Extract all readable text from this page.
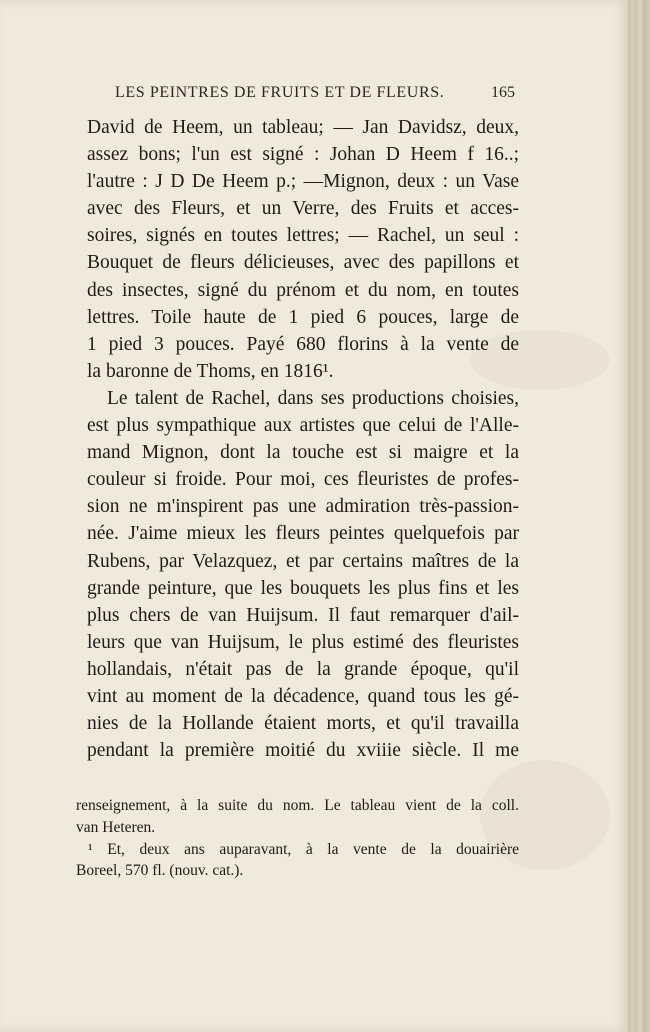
LES PEINTRES DE FRUITS ET DE FLEURS.	165
David de Heem, un tableau; — Jan Davidsz, deux,
assez bons; l'un est signé : Johan D Heem f 16..;
l'autre : J D De Heem p.; —Mignon, deux : un Vase
avec des Fleurs, et un Verre, des Fruits et acces-
soires, signés en toutes lettres; — Rachel, un seul :
Bouquet de fleurs délicieuses, avec des papillons et
des insectes, signé du prénom et du nom, en toutes
lettres. Toile haute de 1 pied 6 pouces, large de
1 pied 3 pouces. Payé 680 florins à la vente de
la baronne de Thoms, en 1816¹.
Le talent de Rachel, dans ses productions choisies,
est plus sympathique aux artistes que celui de l'Alle-
mand Mignon, dont la touche est si maigre et la
couleur si froide. Pour moi, ces fleuristes de profes-
sion ne m'inspirent pas une admiration très-passion-
née. J'aime mieux les fleurs peintes quelquefois par
Rubens, par Velazquez, et par certains maîtres de la
grande peinture, que les bouquets les plus fins et les
plus chers de van Huijsum. Il faut remarquer d'ail-
leurs que van Huijsum, le plus estimé des fleuristes
hollandais, n'était pas de la grande époque, qu'il
vint au moment de la décadence, quand tous les gé-
nies de la Hollande étaient morts, et qu'il travailla
pendant la première moitié du xviiie siècle. Il me
renseignement, à la suite du nom. Le tableau vient de la coll.
van Heteren.
¹ Et, deux ans auparavant, à la vente de la douairière
Boreel, 570 fl. (nouv. cat.).
